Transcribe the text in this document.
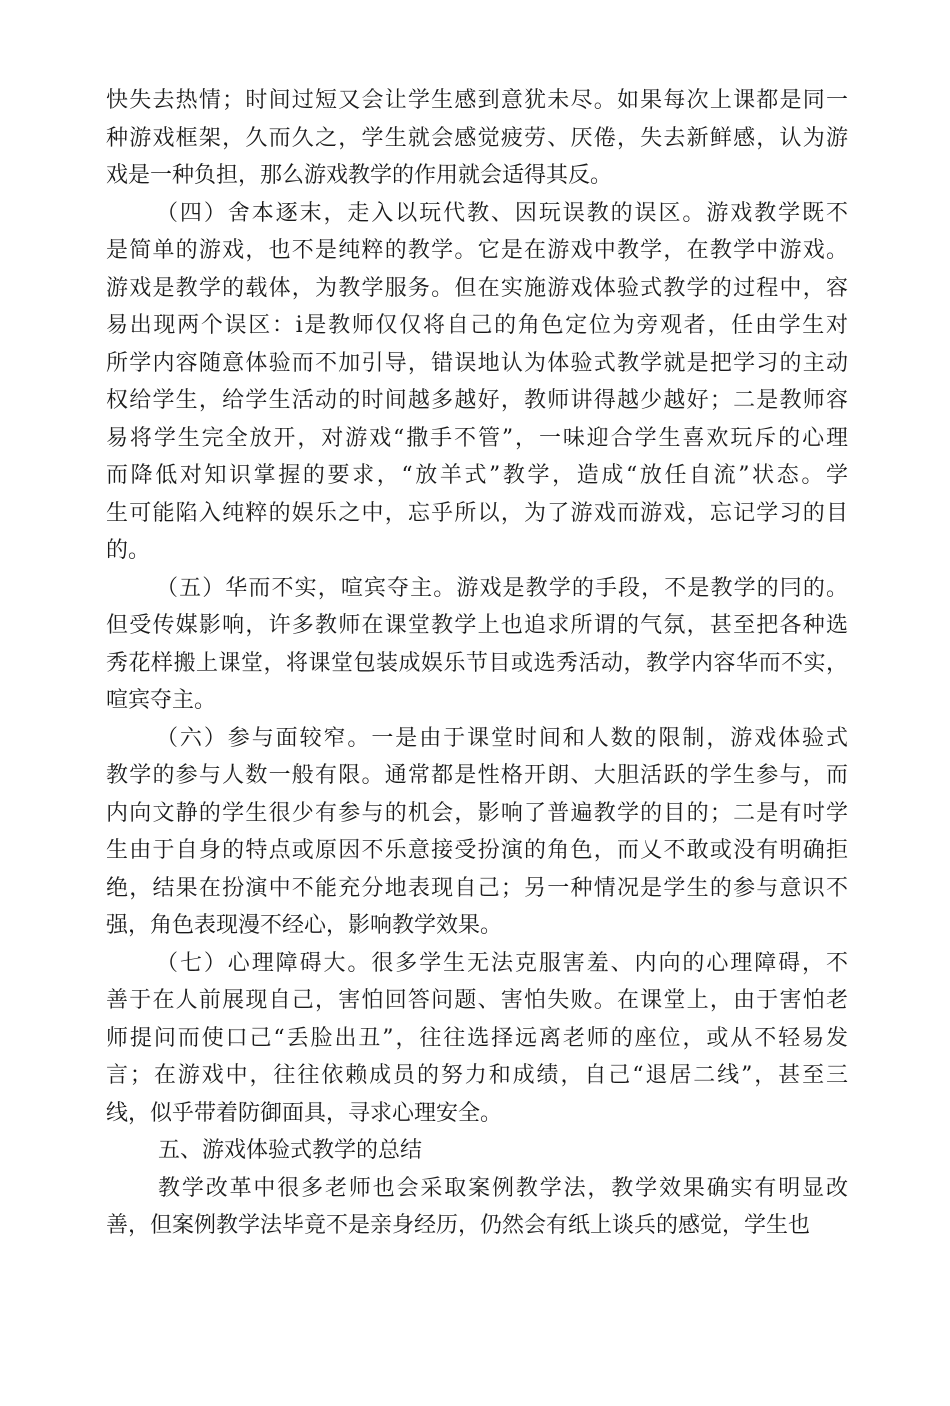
快失去热情；时间过短又会让学生感到意犹未尽。如果每次上课都是同一
种游戏框架，久而久之，学生就会感觉疲劳、厌倦，失去新鲜感，认为游
戏是一种负担，那么游戏教学的作用就会适得其反。
（四）舍本逐末，走入以玩代教、因玩误教的误区。游戏教学既不
是简单的游戏，也不是纯粹的教学。它是在游戏中教学，在教学中游戏。
游戏是教学的载体，为教学服务。但在实施游戏体验式教学的过程中，容
易出现两个误区：i是教师仅仅将自己的角色定位为旁观者，任由学生对
所学内容随意体验而不加引导，错误地认为体验式教学就是把学习的主动
权给学生，给学生活动的时间越多越好，教师讲得越少越好；二是教师容
易将学生完全放开，对游戏“撒手不管”，一味迎合学生喜欢玩斥的心理
而降低对知识掌握的要求，“放羊式”教学，造成“放任自流”状态。学
生可能陷入纯粹的娱乐之中，忘乎所以，为了游戏而游戏，忘记学习的目
的。
（五）华而不实，喧宾夺主。游戏是教学的手段，不是教学的冃的。
但受传媒影响，许多教师在课堂教学上也追求所谓的气氛，甚至把各种选
秀花样搬上课堂，将课堂包装成娱乐节目或选秀活动，教学内容华而不实，
喧宾夺主。
（六）参与面较窄。一是由于课堂时间和人数的限制，游戏体验式
教学的参与人数一般有限。通常都是性格开朗、大胆活跃的学生参与，而
内向文静的学生很少有参与的机会，影响了普遍教学的目的；二是有吋学
生由于自身的特点或原因不乐意接受扮演的角色，而乂不敢或没有明确拒
绝，结果在扮演中不能充分地表现自己；另一种情况是学生的参与意识不
强，角色表现漫不经心，影响教学效果。
（七）心理障碍大。很多学生无法克服害羞、内向的心理障碍，不
善于在人前展现自己，害怕回答问题、害怕失败。在课堂上，由于害怕老
师提问而使口己“丢脸出丑”，往往选择远离老师的座位，或从不轻易发
言；在游戏中，往往依赖成员的努力和成绩，自己“退居二线”，甚至三
线，似乎带着防御面具，寻求心理安全。
五、游戏体验式教学的总结
教学改革中很多老师也会采取案例教学法，教学效果确实有明显改
善，但案例教学法毕竟不是亲身经历，仍然会有纸上谈兵的感觉，学生也
